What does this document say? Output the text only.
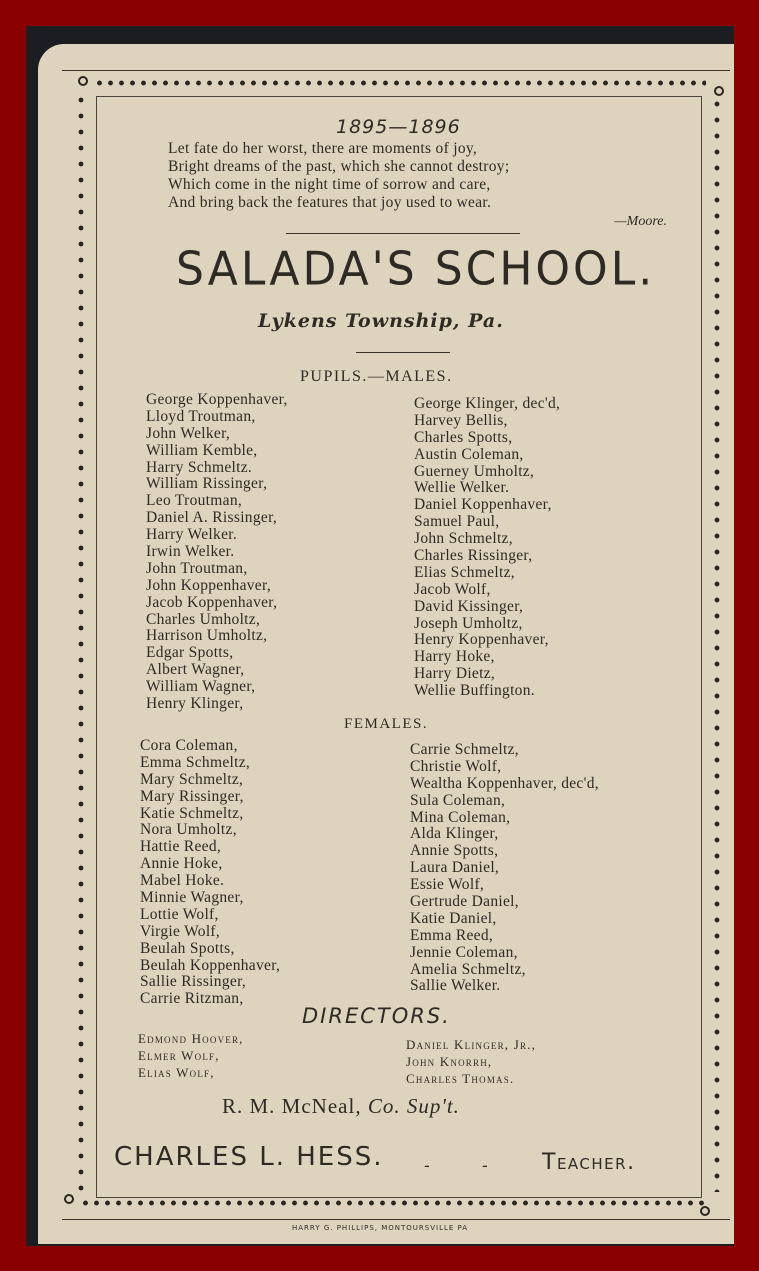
1895—1896
Let fate do her worst, there are moments of joy,
Bright dreams of the past, which she cannot destroy;
Which come in the night time of sorrow and care,
And bring back the features that joy used to wear.
—Moore.
SALADA'S SCHOOL.
Lykens Township, Pa.
PUPILS.—MALES.
George Koppenhaver,
Lloyd Troutman,
John Welker,
William Kemble,
Harry Schmeltz.
William Rissinger,
Leo Troutman,
Daniel A. Rissinger,
Harry Welker.
Irwin Welker.
John Troutman,
John Koppenhaver,
Jacob Koppenhaver,
Charles Umholtz,
Harrison Umholtz,
Edgar Spotts,
Albert Wagner,
William Wagner,
Henry Klinger,
George Klinger, dec'd,
Harvey Bellis,
Charles Spotts,
Austin Coleman,
Guerney Umholtz,
Wellie Welker.
Daniel Koppenhaver,
Samuel Paul,
John Schmeltz,
Charles Rissinger,
Elias Schmeltz,
Jacob Wolf,
David Kissinger,
Joseph Umholtz,
Henry Koppenhaver,
Harry Hoke,
Harry Dietz,
Wellie Buffington.
FEMALES.
Cora Coleman,
Emma Schmeltz,
Mary Schmeltz,
Mary Rissinger,
Katie Schmeltz,
Nora Umholtz,
Hattie Reed,
Annie Hoke,
Mabel Hoke.
Minnie Wagner,
Lottie Wolf,
Virgie Wolf,
Beulah Spotts,
Beulah Koppenhaver,
Sallie Rissinger,
Carrie Ritzman,
Carrie Schmeltz,
Christie Wolf,
Wealtha Koppenhaver, dec'd,
Sula Coleman,
Mina Coleman,
Alda Klinger,
Annie Spotts,
Laura Daniel,
Essie Wolf,
Gertrude Daniel,
Katie Daniel,
Emma Reed,
Jennie Coleman,
Amelia Schmeltz,
Sallie Welker.
DIRECTORS.
Edmond Hoover,
Elmer Wolf,
Elias Wolf,
Daniel Klinger, Jr.,
John Knorrh,
Charles Thomas.
R. M. McNeal, Co. Sup't.
CHARLES L. HESS.	-	- Teacher.
HARRY G. PHILLIPS, MONTOURSVILLE PA
